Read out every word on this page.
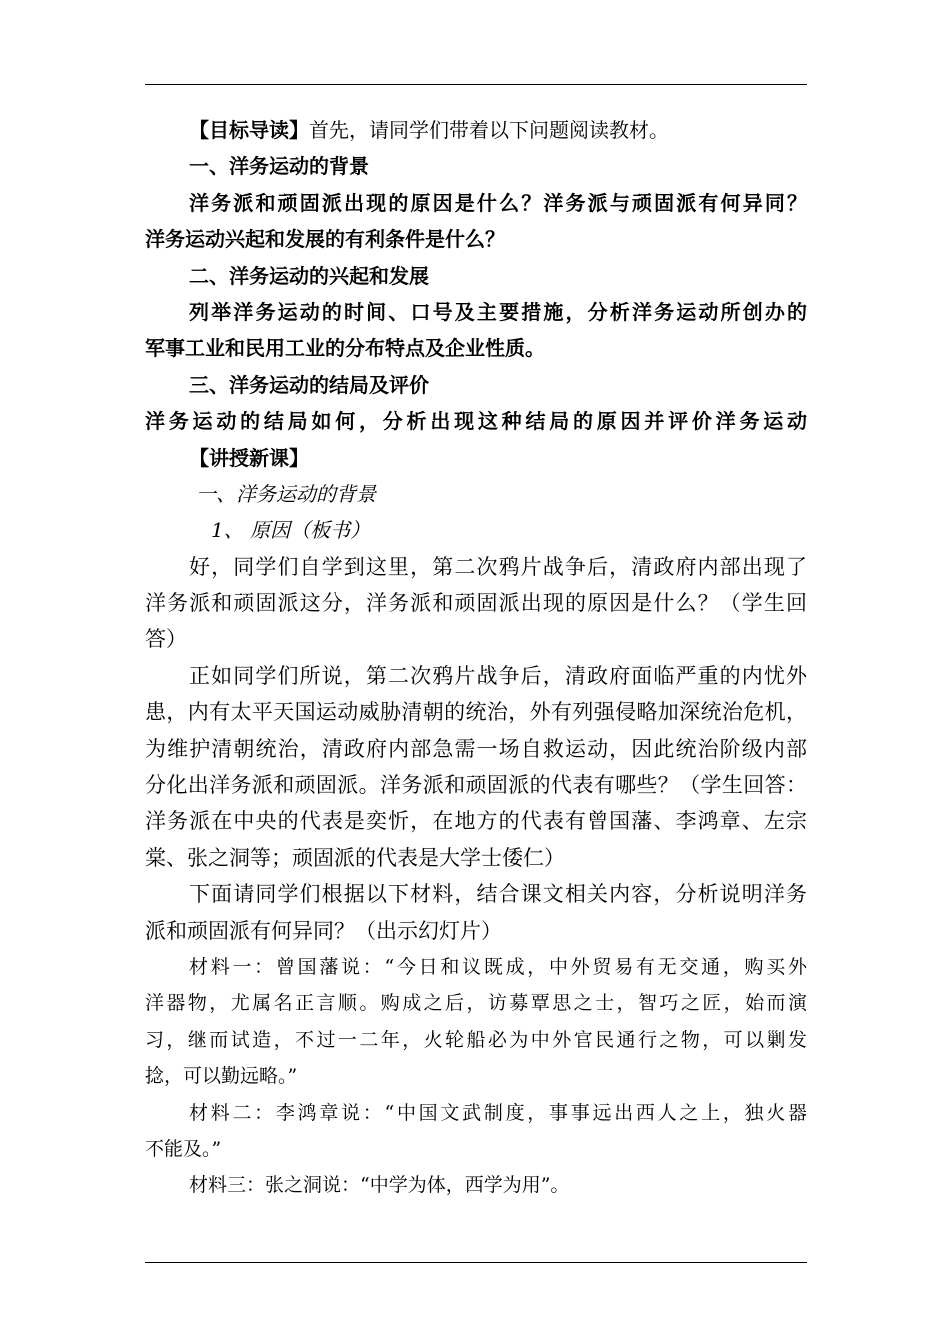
【目标导读】首先，请同学们带着以下问题阅读教材。
一、洋务运动的背景
洋务派和顽固派出现的原因是什么？洋务派与顽固派有何异同？
洋务运动兴起和发展的有利条件是什么？
二、洋务运动的兴起和发展
列举洋务运动的时间、口号及主要措施，分析洋务运动所创办的
军事工业和民用工业的分布特点及企业性质。
三、洋务运动的结局及评价
洋务运动的结局如何，分析出现这种结局的原因并评价洋务运动
【讲授新课】
一、洋务运动的背景
1、 原因（板书）
好，同学们自学到这里，第二次鸦片战争后，清政府内部出现了
洋务派和顽固派这分，洋务派和顽固派出现的原因是什么？（学生回
答）
正如同学们所说，第二次鸦片战争后，清政府面临严重的内忧外
患，内有太平天国运动威胁清朝的统治，外有列强侵略加深统治危机，
为维护清朝统治，清政府内部急需一场自救运动，因此统治阶级内部
分化出洋务派和顽固派。洋务派和顽固派的代表有哪些？（学生回答：
洋务派在中央的代表是奕忻，在地方的代表有曾国藩、李鸿章、左宗
棠、张之洞等；顽固派的代表是大学士倭仁）
下面请同学们根据以下材料，结合课文相关内容，分析说明洋务
派和顽固派有何异同？（出示幻灯片）
材料一：曾国藩说：“今日和议既成，中外贸易有无交通，购买外
洋器物，尤属名正言顺。购成之后，访募覃思之士，智巧之匠，始而演
习，继而试造，不过一二年，火轮船必为中外官民通行之物，可以剿发
捻，可以勤远略。”
材料二：李鸿章说：“中国文武制度，事事远出西人之上，独火器
不能及。”
材料三：张之洞说：“中学为体，西学为用”。
